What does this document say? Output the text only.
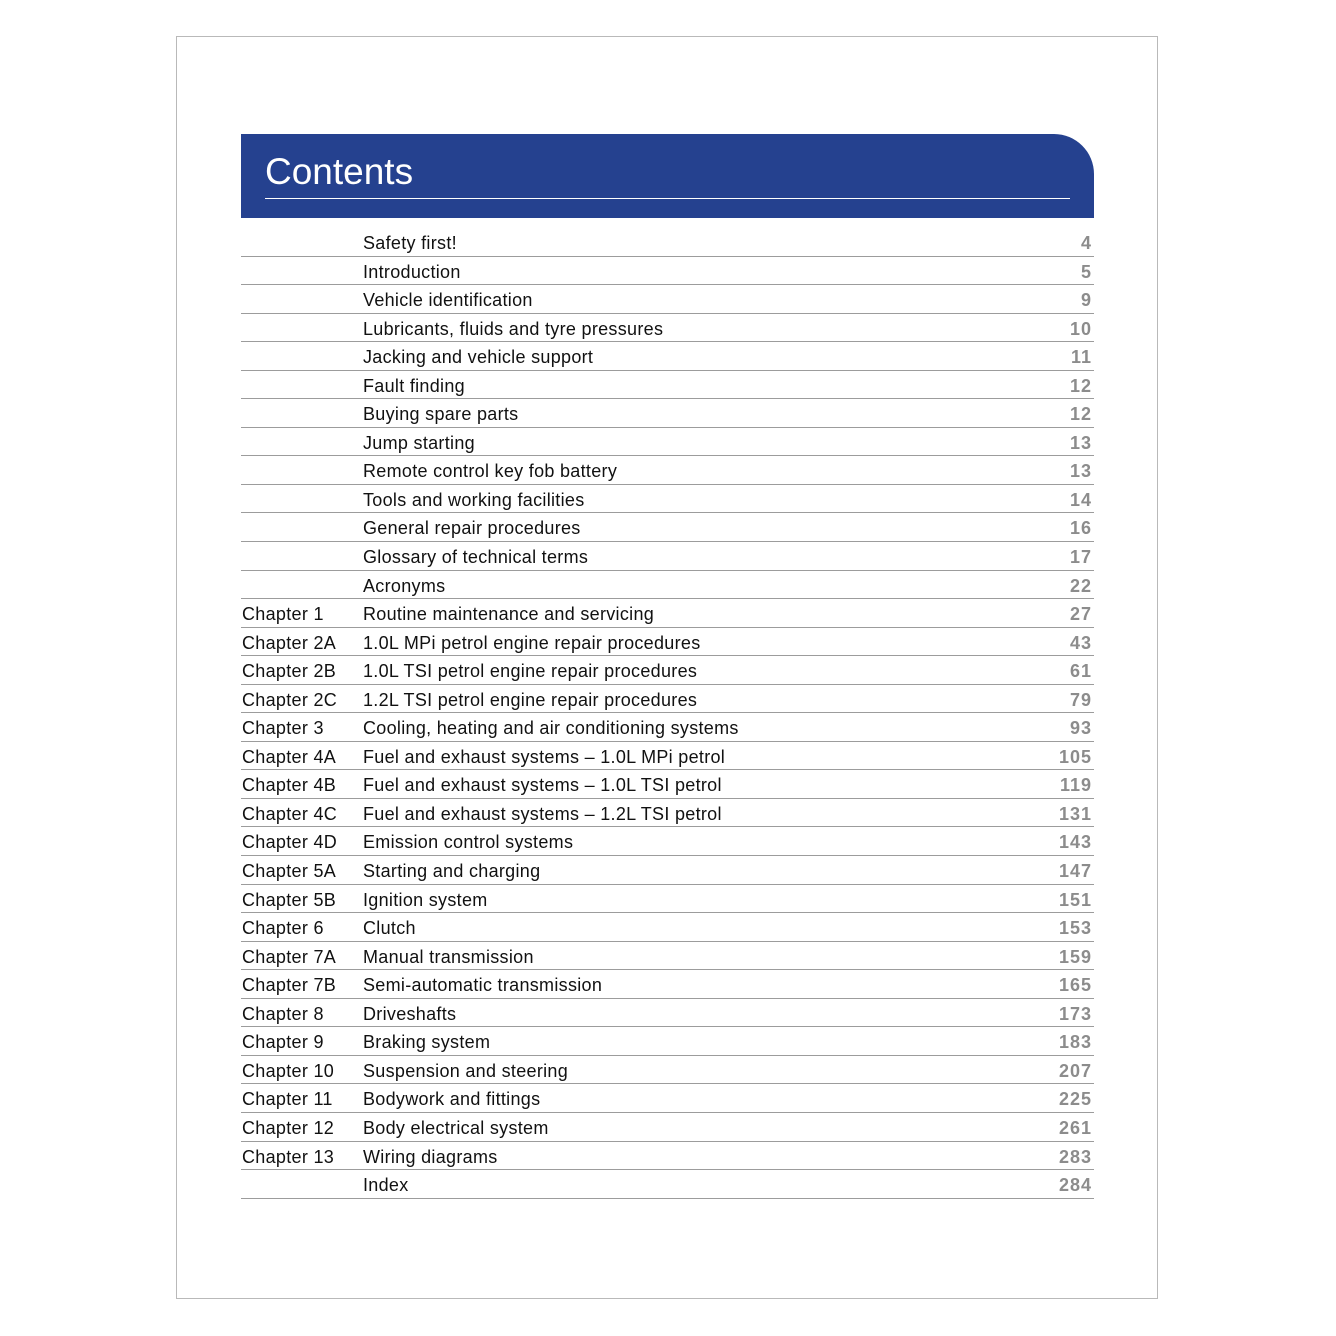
Contents
Safety first!	4
Introduction	5
Vehicle identification	9
Lubricants, fluids and tyre pressures	10
Jacking and vehicle support	11
Fault finding	12
Buying spare parts	12
Jump starting	13
Remote control key fob battery	13
Tools and working facilities	14
General repair procedures	16
Glossary of technical terms	17
Acronyms	22
Chapter 1 Routine maintenance and servicing	27
Chapter 2A 1.0L MPi petrol engine repair procedures	43
Chapter 2B 1.0L TSI petrol engine repair procedures	61
Chapter 2C 1.2L TSI petrol engine repair procedures	79
Chapter 3 Cooling, heating and air conditioning systems	93
Chapter 4A Fuel and exhaust systems – 1.0L MPi petrol	105
Chapter 4B Fuel and exhaust systems – 1.0L TSI petrol	119
Chapter 4C Fuel and exhaust systems – 1.2L TSI petrol	131
Chapter 4D Emission control systems	143
Chapter 5A Starting and charging	147
Chapter 5B Ignition system	151
Chapter 6 Clutch	153
Chapter 7A Manual transmission	159
Chapter 7B Semi-automatic transmission	165
Chapter 8 Driveshafts	173
Chapter 9 Braking system	183
Chapter 10 Suspension and steering	207
Chapter 11 Bodywork and fittings	225
Chapter 12 Body electrical system	261
Chapter 13 Wiring diagrams	283
Index	284
